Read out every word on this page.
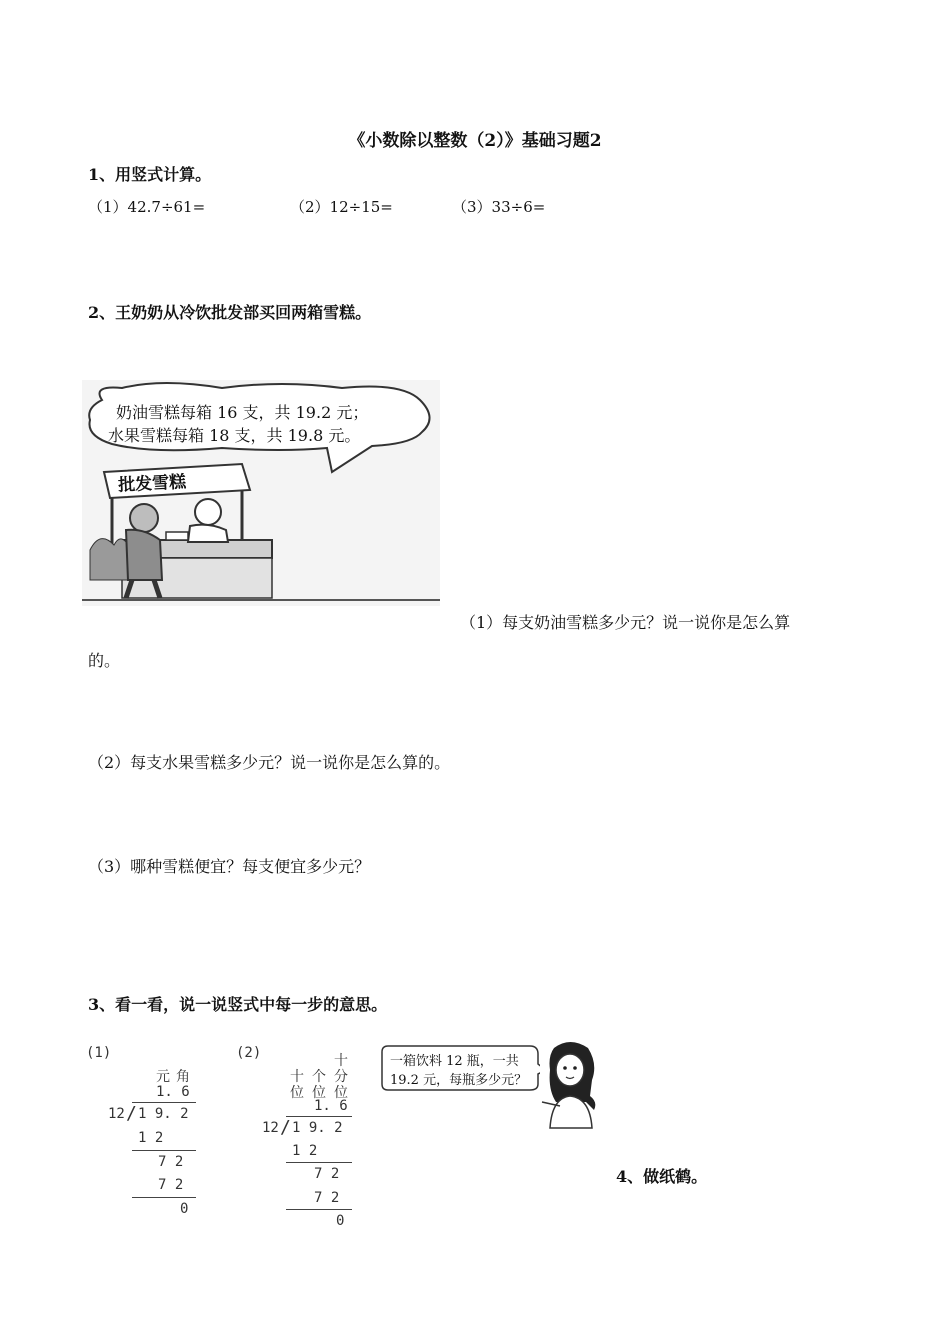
《小数除以整数（2）》基础习题2
1、用竖式计算。
（1）42.7÷61=	（2）12÷15=	（3）33÷6=
2、王奶奶从冷饮批发部买回两箱雪糕。
奶油雪糕每箱 16 支，共 19.2 元；
水果雪糕每箱 18 支，共 19.8 元。
批发雪糕
（1）每支奶油雪糕多少元？说一说你是怎么算
的。
（2）每支水果雪糕多少元？说一说你是怎么算的。
（3）哪种雪糕便宜？每支便宜多少元？
3、看一看，说一说竖式中每一步的意思。
(1)
元 角
1. 6
12 / 1 9. 2
1 2
7 2
7 2
0
(2)	十
十 个 分
位 位 位
1. 6
12 / 1 9. 2
1 2
7 2
7 2
0
一箱饮料 12 瓶，一共
19.2 元，每瓶多少元？
4、做纸鹤。
